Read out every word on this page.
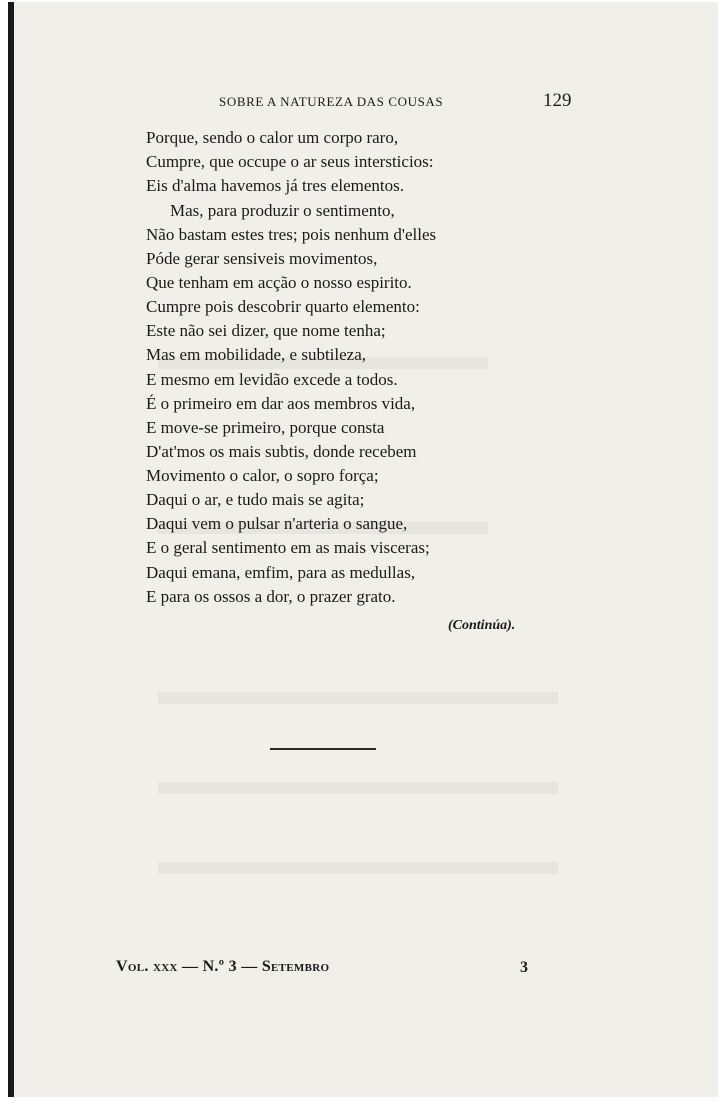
SOBRE A NATUREZA DAS COUSAS	129
Porque, sendo o calor um corpo raro,
Cumpre, que occupe o ar seus intersticios:
Eis d'alma havemos já tres elementos.
Mas, para produzir o sentimento,
Não bastam estes tres; pois nenhum d'elles
Póde gerar sensiveis movimentos,
Que tenham em acção o nosso espirito.
Cumpre pois descobrir quarto elemento:
Este não sei dizer, que nome tenha;
Mas em mobilidade, e subtileza,
E mesmo em levidão excede a todos.
É o primeiro em dar aos membros vida,
E move-se primeiro, porque consta
D'at'mos os mais subtis, donde recebem
Movimento o calor, o sopro força;
Daqui o ar, e tudo mais se agita;
Daqui vem o pulsar n'arteria o sangue,
E o geral sentimento em as mais visceras;
Daqui emana, emfim, para as medullas,
E para os ossos a dor, o prazer grato.
(Continúa).
Vol. xxx — N.º 3 — Setembro	3
